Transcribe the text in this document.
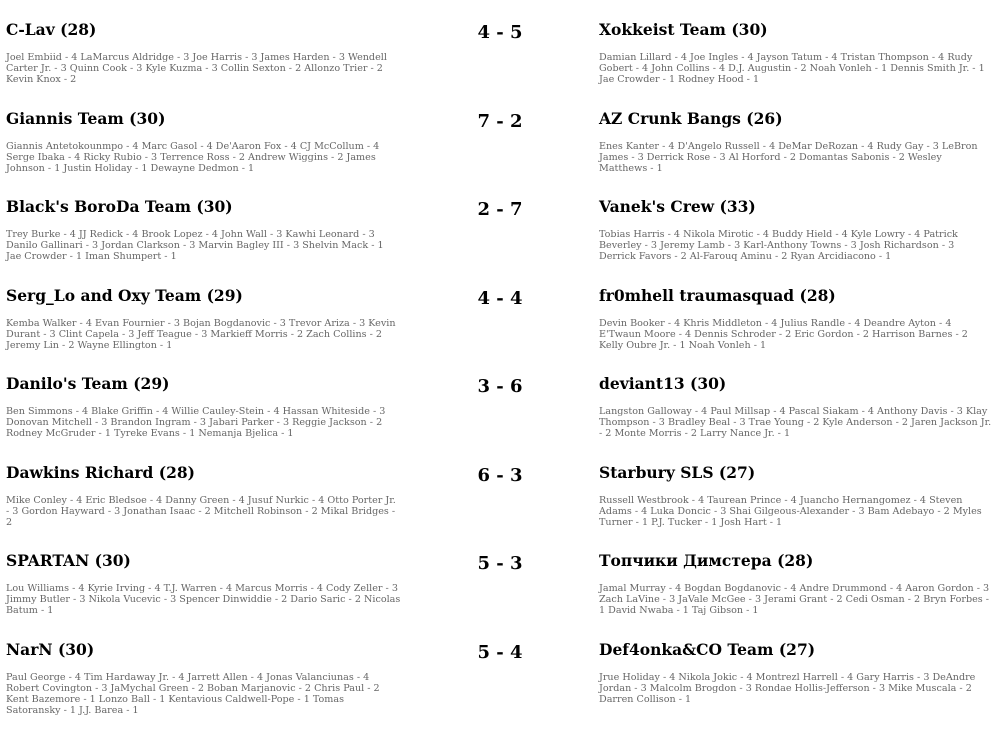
C-Lav (28)
Joel Embiid - 4 LaMarcus Aldridge - 3 Joe Harris - 3 James Harden - 3 Wendell Carter Jr. - 3 Quinn Cook - 3 Kyle Kuzma - 3 Collin Sexton - 2 Allonzo Trier - 2 Kevin Knox - 2
4 - 5	Xokkeist Team (30)
Damian Lillard - 4 Joe Ingles - 4 Jayson Tatum - 4 Tristan Thompson - 4 Rudy Gobert - 4 John Collins - 4 D.J. Augustin - 2 Noah Vonleh - 1 Dennis Smith Jr. - 1 Jae Crowder - 1 Rodney Hood - 1
Giannis Team (30)
Giannis Antetokounmpo - 4 Marc Gasol - 4 De'Aaron Fox - 4 CJ McCollum - 4 Serge Ibaka - 4 Ricky Rubio - 3 Terrence Ross - 2 Andrew Wiggins - 2 James Johnson - 1 Justin Holiday - 1 Dewayne Dedmon - 1
7 - 2	AZ Crunk Bangs (26)
Enes Kanter - 4 D'Angelo Russell - 4 DeMar DeRozan - 4 Rudy Gay - 3 LeBron James - 3 Derrick Rose - 3 Al Horford - 2 Domantas Sabonis - 2 Wesley Matthews - 1
Black's BoroDa Team (30)
Trey Burke - 4 JJ Redick - 4 Brook Lopez - 4 John Wall - 3 Kawhi Leonard - 3 Danilo Gallinari - 3 Jordan Clarkson - 3 Marvin Bagley III - 3 Shelvin Mack - 1 Jae Crowder - 1 Iman Shumpert - 1
2 - 7	Vanek's Crew (33)
Tobias Harris - 4 Nikola Mirotic - 4 Buddy Hield - 4 Kyle Lowry - 4 Patrick Beverley - 3 Jeremy Lamb - 3 Karl-Anthony Towns - 3 Josh Richardson - 3 Derrick Favors - 2 Al-Farouq Aminu - 2 Ryan Arcidiacono - 1
Serg_Lo and Oxy Team (29)
Kemba Walker - 4 Evan Fournier - 3 Bojan Bogdanovic - 3 Trevor Ariza - 3 Kevin Durant - 3 Clint Capela - 3 Jeff Teague - 3 Markieff Morris - 2 Zach Collins - 2 Jeremy Lin - 2 Wayne Ellington - 1
4 - 4	fr0mhell traumasquad (28)
Devin Booker - 4 Khris Middleton - 4 Julius Randle - 4 Deandre Ayton - 4 E'Twaun Moore - 4 Dennis Schroder - 2 Eric Gordon - 2 Harrison Barnes - 2 Kelly Oubre Jr. - 1 Noah Vonleh - 1
Danilo's Team (29)
Ben Simmons - 4 Blake Griffin - 4 Willie Cauley-Stein - 4 Hassan Whiteside - 3 Donovan Mitchell - 3 Brandon Ingram - 3 Jabari Parker - 3 Reggie Jackson - 2 Rodney McGruder - 1 Tyreke Evans - 1 Nemanja Bjelica - 1
3 - 6	deviant13 (30)
Langston Galloway - 4 Paul Millsap - 4 Pascal Siakam - 4 Anthony Davis - 3 Klay Thompson - 3 Bradley Beal - 3 Trae Young - 2 Kyle Anderson - 2 Jaren Jackson Jr. - 2 Monte Morris - 2 Larry Nance Jr. - 1
Dawkins Richard (28)
Mike Conley - 4 Eric Bledsoe - 4 Danny Green - 4 Jusuf Nurkic - 4 Otto Porter Jr. - 3 Gordon Hayward - 3 Jonathan Isaac - 2 Mitchell Robinson - 2 Mikal Bridges - 2
6 - 3	Starbury SLS (27)
Russell Westbrook - 4 Taurean Prince - 4 Juancho Hernangomez - 4 Steven Adams - 4 Luka Doncic - 3 Shai Gilgeous-Alexander - 3 Bam Adebayo - 2 Myles Turner - 1 P.J. Tucker - 1 Josh Hart - 1
SPARTAN (30)
Lou Williams - 4 Kyrie Irving - 4 T.J. Warren - 4 Marcus Morris - 4 Cody Zeller - 3 Jimmy Butler - 3 Nikola Vucevic - 3 Spencer Dinwiddie - 2 Dario Saric - 2 Nicolas Batum - 1
5 - 3	Топчики Димстера (28)
Jamal Murray - 4 Bogdan Bogdanovic - 4 Andre Drummond - 4 Aaron Gordon - 3 Zach LaVine - 3 JaVale McGee - 3 Jerami Grant - 2 Cedi Osman - 2 Bryn Forbes - 1 David Nwaba - 1 Taj Gibson - 1
NarN (30)
Paul George - 4 Tim Hardaway Jr. - 4 Jarrett Allen - 4 Jonas Valanciunas - 4 Robert Covington - 3 JaMychal Green - 2 Boban Marjanovic - 2 Chris Paul - 2 Kent Bazemore - 1 Lonzo Ball - 1 Kentavious Caldwell-Pope - 1 Tomas Satoransky - 1 J.J. Barea - 1
5 - 4	Def4onka&CO Team (27)
Jrue Holiday - 4 Nikola Jokic - 4 Montrezl Harrell - 4 Gary Harris - 3 DeAndre Jordan - 3 Malcolm Brogdon - 3 Rondae Hollis-Jefferson - 3 Mike Muscala - 2 Darren Collison - 1
